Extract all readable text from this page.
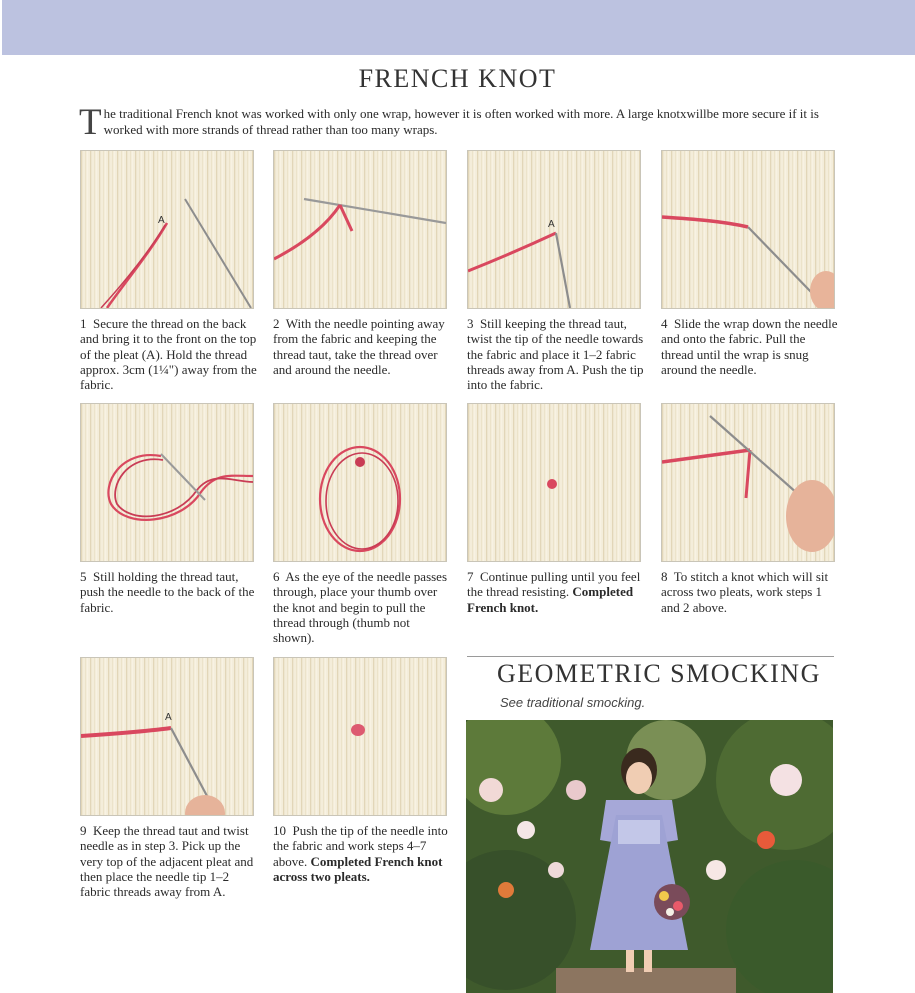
FRENCH KNOT
The traditional French knot was worked with only one wrap, however it is often worked with more. A large knotxwillbe more secure if it is worked with more strands of thread rather than too many wraps.
A	A
1 Secure the thread on the back and bring it to the front on the top of the pleat (A). Hold the thread approx. 3cm (1¼") away from the fabric.
2 With the needle pointing away from the fabric and keeping the thread taut, take the thread over and around the needle.
3 Still keeping the thread taut, twist the tip of the needle towards the fabric and place it 1–2 fabric threads away from A. Push the tip into the fabric.
4 Slide the wrap down the needle and onto the fabric. Pull the thread until the wrap is snug around the needle.
5 Still holding the thread taut, push the needle to the back of the fabric.
6 As the eye of the needle passes through, place your thumb over the knot and begin to pull the thread through (thumb not shown).
7 Continue pulling until you feel the thread resisting. Completed French knot.
8 To stitch a knot which will sit across two pleats, work steps 1 and 2 above.
A
9 Keep the thread taut and twist needle as in step 3. Pick up the very top of the adjacent pleat and then place the needle tip 1–2 fabric threads away from A.
10 Push the tip of the needle into the fabric and work steps 4–7 above. Completed French knot across two pleats.
GEOMETRIC SMOCKING
See traditional smocking.
